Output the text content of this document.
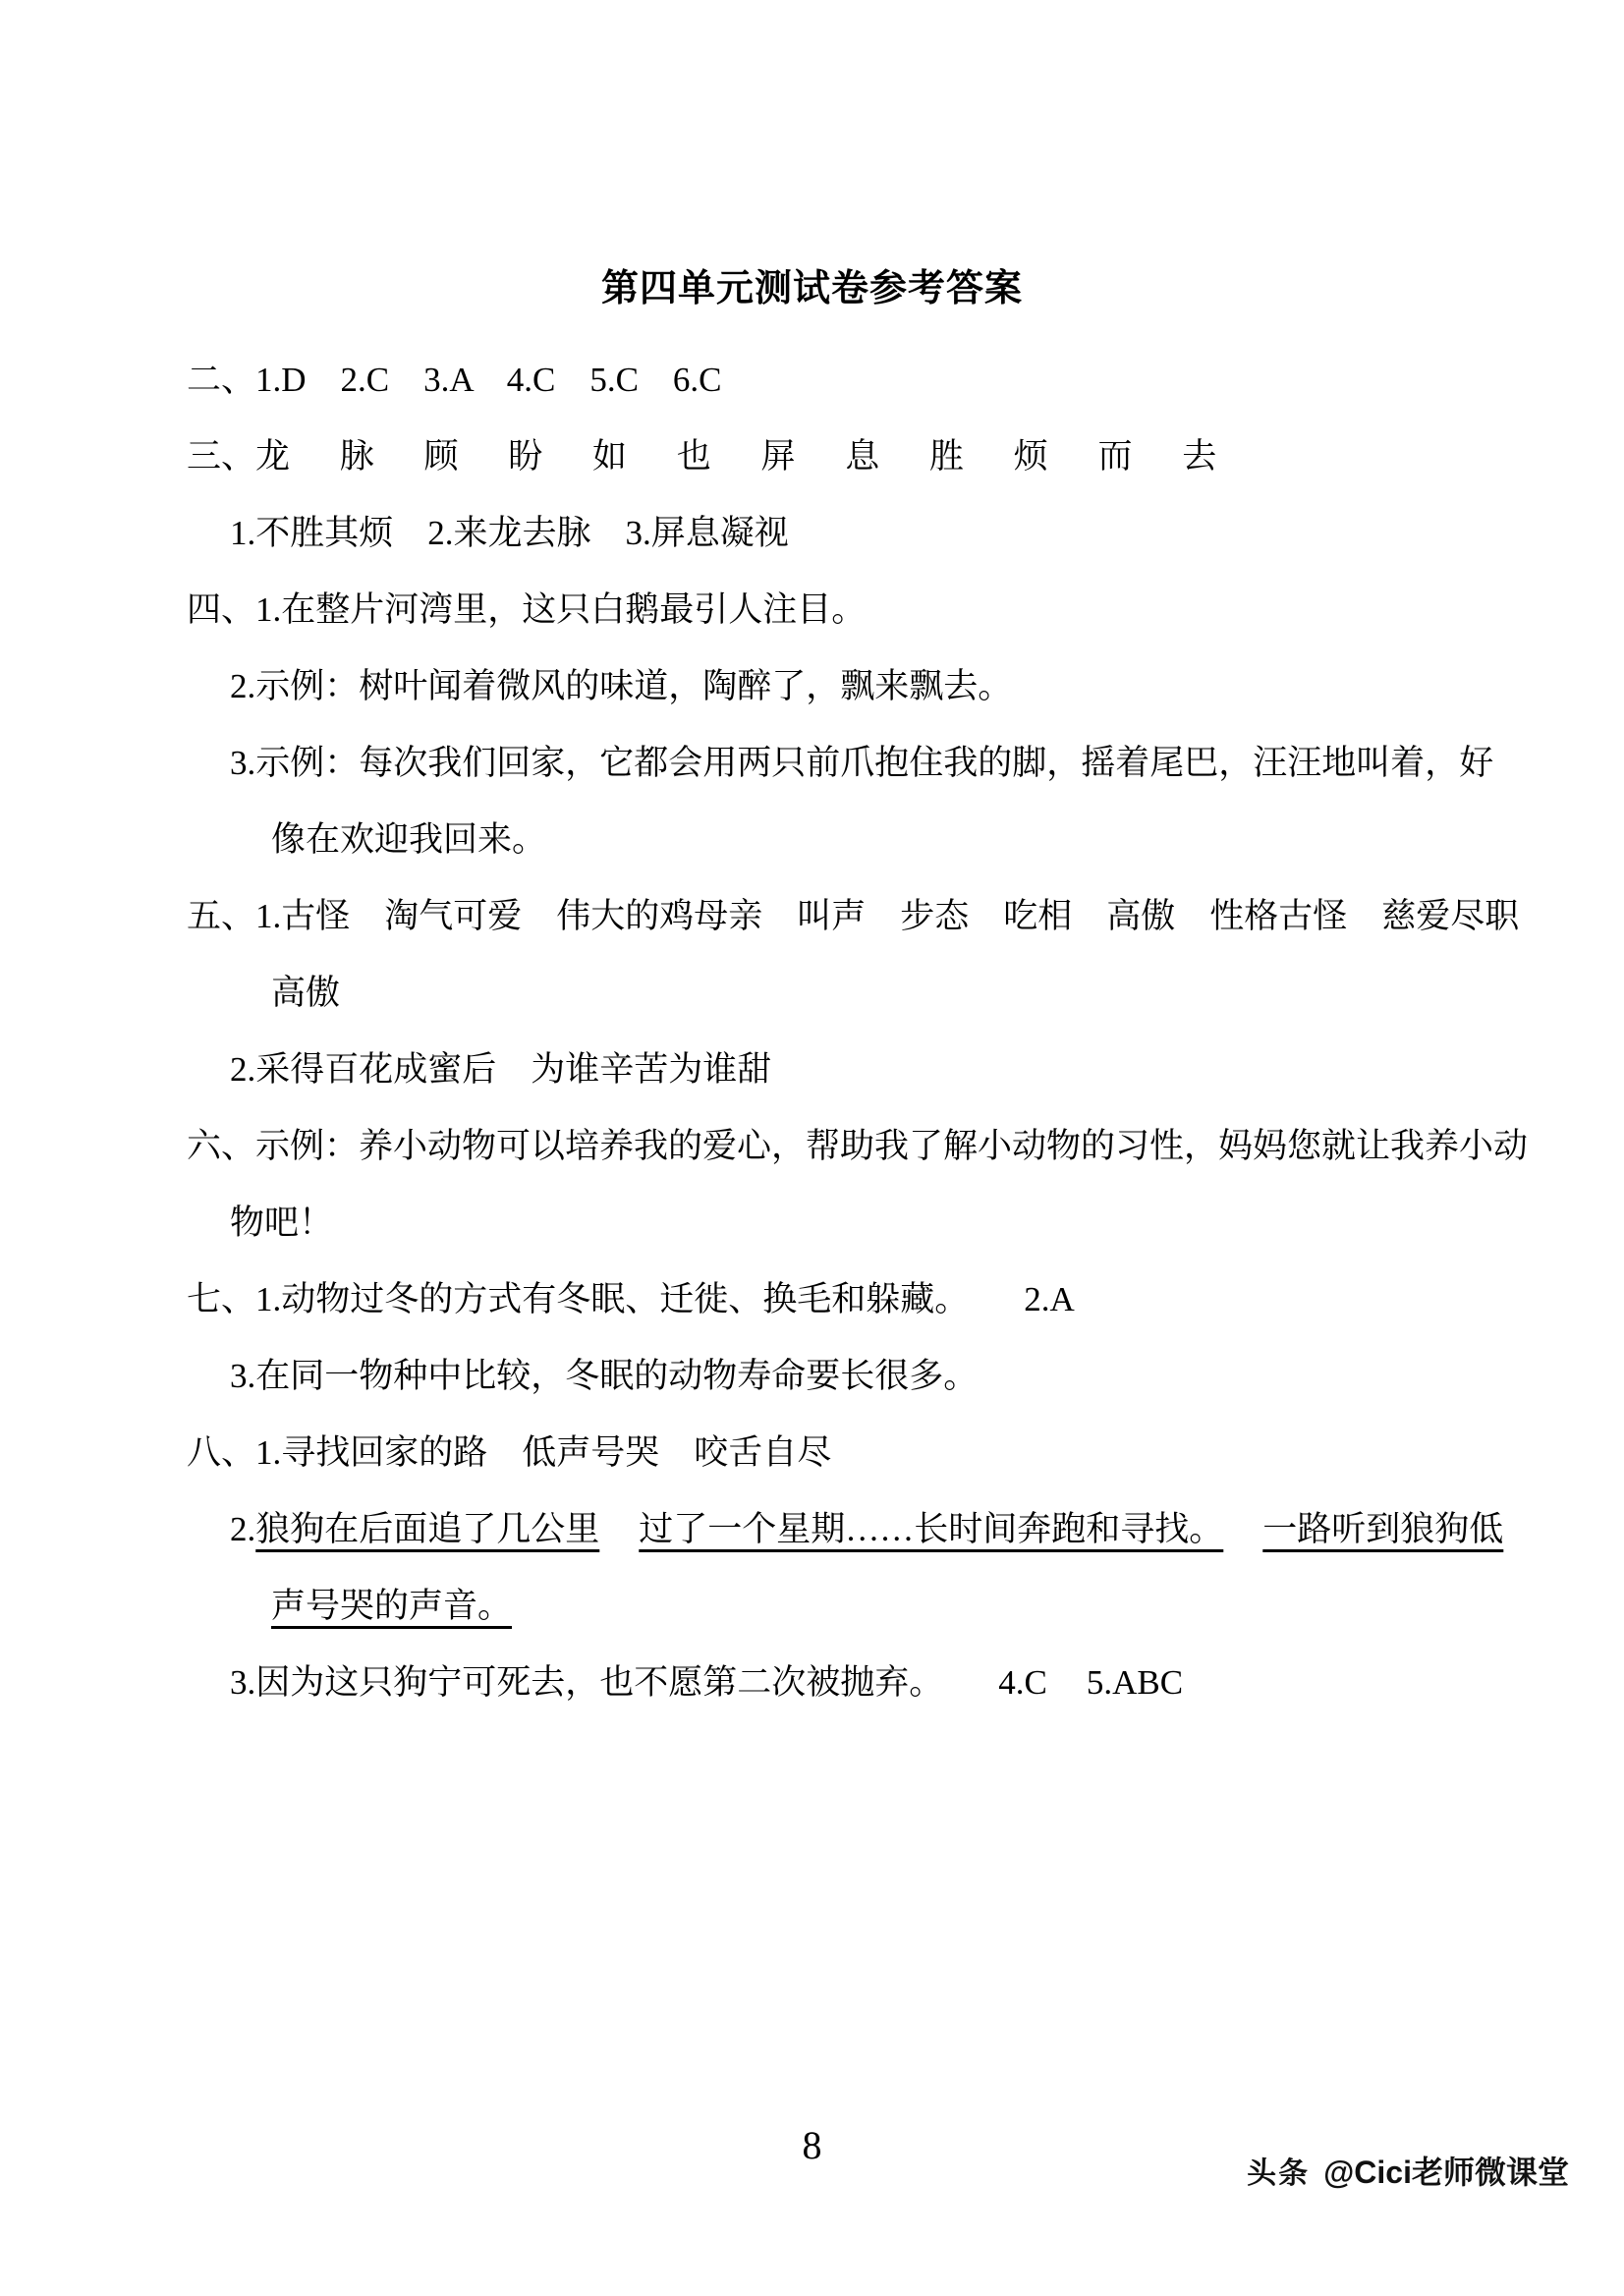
第四单元测试卷参考答案
二、1.D　2.C　3.A　4.C　5.C　6.C
三、龙 脉 顾 盼 如 也 屏 息 胜 烦 而 去
1.不胜其烦　2.来龙去脉　3.屏息凝视
四、1.在整片河湾里，这只白鹅最引人注目。
2.示例：树叶闻着微风的味道，陶醉了，飘来飘去。
3.示例：每次我们回家，它都会用两只前爪抱住我的脚，摇着尾巴，汪汪地叫着，好
像在欢迎我回来。
五、1.古怪　淘气可爱　伟大的鸡母亲　叫声　步态　吃相　高傲　性格古怪　慈爱尽职
高傲
2.采得百花成蜜后　为谁辛苦为谁甜
六、示例：养小动物可以培养我的爱心，帮助我了解小动物的习性，妈妈您就让我养小动
物吧！
七、1.动物过冬的方式有冬眠、迁徙、换毛和躲藏。 2.A
3.在同一物种中比较，冬眠的动物寿命要长很多。
八、1.寻找回家的路　低声号哭　咬舌自尽
2.狼狗在后面追了几公里 过了一个星期……长时间奔跑和寻找。 一路听到狼狗低
声号哭的声音。
3.因为这只狗宁可死去，也不愿第二次被抛弃。 4.C 5.ABC
8
头条 @Cici老师微课堂
